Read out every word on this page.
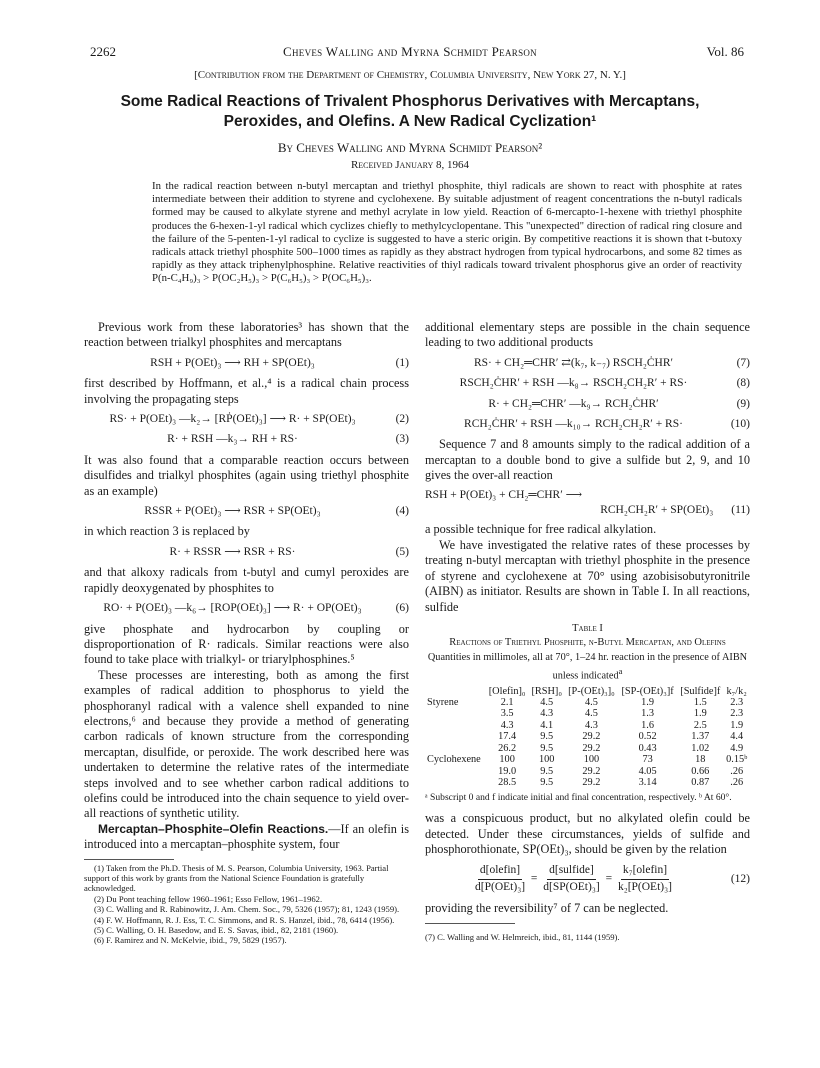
2262	Cheves Walling and Myrna Schmidt Pearson	Vol. 86
[Contribution from the Department of Chemistry, Columbia University, New York 27, N. Y.]
Some Radical Reactions of Trivalent Phosphorus Derivatives with Mercaptans, Peroxides, and Olefins. A New Radical Cyclization¹
By Cheves Walling and Myrna Schmidt Pearson²
Received January 8, 1964
In the radical reaction between n-butyl mercaptan and triethyl phosphite, thiyl radicals are shown to react with phosphite at rates intermediate between their addition to styrene and cyclohexene. By suitable adjustment of reagent concentrations the n-butyl radicals formed may be caused to alkylate styrene and methyl acrylate in low yield. Reaction of 6-mercapto-1-hexene with triethyl phosphite produces the 6-hexen-1-yl radical which cyclizes chiefly to methylcyclopentane. This "unexpected" direction of radical ring closure and the failure of the 5-penten-1-yl radical to cyclize is suggested to have a steric origin. By competitive reactions it is shown that t-butoxy radicals attack triethyl phosphite 500–1000 times as rapidly as they abstract hydrogen from typical hydrocarbons, and some 82 times as rapidly as they attack triphenylphosphine. Relative reactivities of thiyl radicals toward trivalent phosphorus give an order of reactivity P(n-C₄H₉)₃ > P(OC₂H₅)₃ > P(C₆H₅)₃ > P(OC₆H₅)₃.

Previous work from these laboratories³ has shown that the reaction between trialkyl phosphites and mercaptans

RSH + P(OEt)₃ ⟶ RH + SP(OEt)₃	(1)

first described by Hoffmann, et al.,⁴ is a radical chain process involving the propagating steps

RS· + P(OEt)₃ —k₂→ [RṖ(OEt)₃] ⟶ R· + SP(OEt)₃	(2)
R· + RSH —k₃→ RH + RS·	(3)

It was also found that a comparable reaction occurs between disulfides and trialkyl phosphites (again using triethyl phosphite as an example)

RSSR + P(OEt)₃ ⟶ RSR + SP(OEt)₃	(4)

in which reaction 3 is replaced by

R· + RSSR ⟶ RSR + RS·	(5)

and that alkoxy radicals from t-butyl and cumyl peroxides are rapidly deoxygenated by phosphites to

RO· + P(OEt)₃ —k₆→ [ROP(OEt)₃] ⟶ R· + OP(OEt)₃	(6)

give phosphate and hydrocarbon by coupling or disproportionation of R· radicals. Similar reactions were also found to take place with trialkyl- or triarylphosphines.⁵

These processes are interesting, both as among the first examples of radical addition to phosphorus to yield the phosphoranyl radical with a valence shell expanded to nine electrons,⁶ and because they provide a method of generating carbon radicals of known structure from the corresponding mercaptan, disulfide, or peroxide. The work described here was undertaken to determine the relative rates of the intermediate steps involved and to see whether carbon radical additions to olefins could be introduced into the chain sequence to yield over-all reactions of synthetic utility.

Mercaptan–Phosphite–Olefin Reactions.—If an olefin is introduced into a mercaptan–phosphite system, four

(1) Taken from the Ph.D. Thesis of M. S. Pearson, Columbia University, 1963. Partial support of this work by grants from the National Science Foundation is gratefully acknowledged.
(2) Du Pont teaching fellow 1960–1961; Esso Fellow, 1961–1962.
(3) C. Walling and R. Rabinowitz, J. Am. Chem. Soc., 79, 5326 (1957); 81, 1243 (1959).
(4) F. W. Hoffmann, R. J. Ess, T. C. Simmons, and R. S. Hanzel, ibid., 78, 6414 (1956).
(5) C. Walling, O. H. Basedow, and E. S. Savas, ibid., 82, 2181 (1960).
(6) F. Ramirez and N. McKelvie, ibid., 79, 5829 (1957).

additional elementary steps are possible in the chain sequence leading to two additional products

RS· + CH₂═CHR′ ⇄(k₇, k₋₇) RSCH₂ĊHR′	(7)
RSCH₂ĊHR′ + RSH —k₈→ RSCH₂CH₂R′ + RS·	(8)
R· + CH₂═CHR′ —k₉→ RCH₂ĊHR′	(9)
RCH₂ĊHR′ + RSH —k₁₀→ RCH₂CH₂R′ + RS·	(10)

Sequence 7 and 8 amounts simply to the radical addition of a mercaptan to a double bond to give a sulfide but 2, 9, and 10 gives the over-all reaction

RSH + P(OEt)₃ + CH₂═CHR′ ⟶
RCH₂CH₂R′ + SP(OEt)₃ (11)

a possible technique for free radical alkylation.

We have investigated the relative rates of these processes by treating n-butyl mercaptan with triethyl phosphite in the presence of styrene and cyclohexene at 70° using azobisisobutyronitrile (AIBN) as initiator. Results are shown in Table I. In all reactions, sulfide

Table I
Reactions of Triethyl Phosphite, n-Butyl Mercaptan, and Olefins
Quantities in millimoles, all at 70°, 1–24 hr. reaction in the presence of AIBN unless indicated$^a$
	[Olefin]₀	[RSH]₀	[P-(OEt)₃]₀	[SP-(OEt)₃]f	[Sulfide]f	k₇/k₂
Styrene	2.1	4.5	4.5	1.9	1.5	2.3
	3.5	4.3	4.5	1.3	1.9	2.3
	4.3	4.1	4.3	1.6	2.5	1.9
	17.4	9.5	29.2	0.52	1.37	4.4
	26.2	9.5	29.2	0.43	1.02	4.9
Cyclohexene	100	100	100	73	18	0.15ᵇ
	19.0	9.5	29.2	4.05	0.66	.26
	28.5	9.5	29.2	3.14	0.87	.26
ᵃ Subscript 0 and f indicate initial and final concentration, respectively. ᵇ At 60°.

was a conspicuous product, but no alkylated olefin could be detected. Under these circumstances, yields of sulfide and phosphorothionate, SP(OEt)₃, should be given by the relation

$\frac{\text{d[olefin]}}{\text{d[P(OEt)₃]}} = \frac{\text{d[sulfide]}}{\text{d[SP(OEt)₃]}} = \frac{\text{k₇[olefin]}}{\text{k₂[P(OEt)₃]}}$	(12)

providing the reversibility⁷ of 7 can be neglected.

(7) C. Walling and W. Helmreich, ibid., 81, 1144 (1959).
